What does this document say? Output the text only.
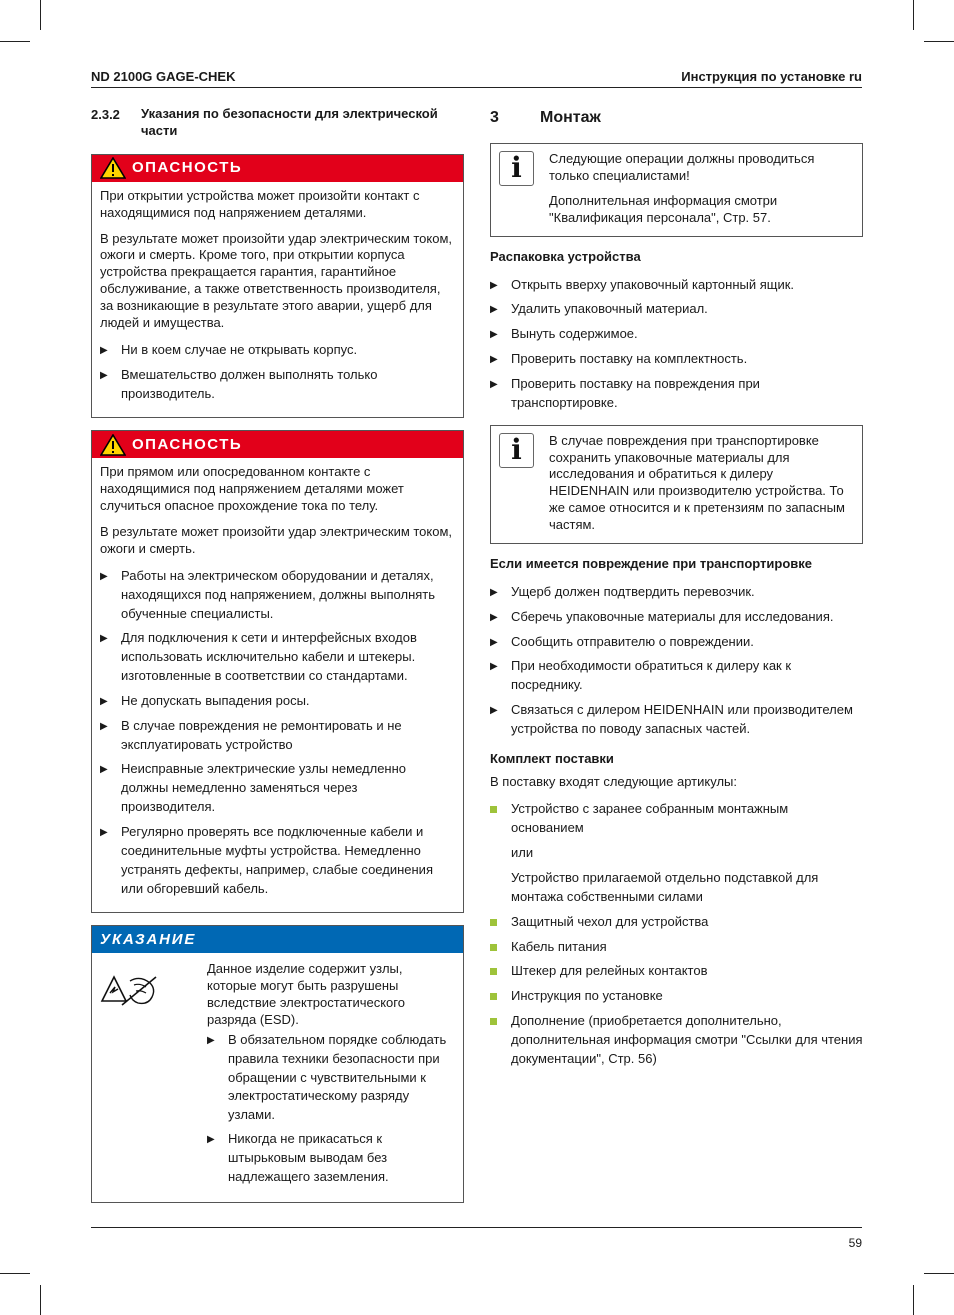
ND 2100G GAGE-CHEK	Инструкция по установке ru
2.3.2	Указания по безопасности для электрической части
ОПАСНОСТЬ

При открытии устройства может произойти контакт с находящимися под напряжением деталями.

В результате может произойти удар электрическим током, ожоги и смерть. Кроме того, при открытии корпуса устройства прекращается гарантия, гарантийное обслуживание, а также ответственность производителя, за возникающие в результате этого аварии, ущерб для людей и имущества.

▶	Ни в коем случае не открывать корпус.
▶	Вмешательство должен выполнять только производитель.
ОПАСНОСТЬ

При прямом или опосредованном контакте с находящимися под напряжением деталями может случиться опасное прохождение тока по телу.

В результате может произойти удар электрическим током, ожоги и смерть.

▶	Работы на электрическом оборудовании и деталях, находящихся под напряжением, должны выполнять обученные специалисты.
▶	Для подключения к сети и интерфейсных входов использовать исключительно кабели и штекеры. изготовленные в соответствии со стандартами.
▶	Не допускать выпадения росы.
▶	В случае повреждения не ремонтировать и не эксплуатировать устройство
▶	Неисправные электрические узлы немедленно должны немедленно заменяться через производителя.
▶	Регулярно проверять все подключенные кабели и соединительные муфты устройства. Немедленно устранять дефекты, например, слабые соединения или обгоревший кабель.
УКАЗАНИЕ

Данное изделие содержит узлы, которые могут быть разрушены вследствие электростатического разряда (ESD).

▶	В обязательном порядке соблюдать правила техники безопасности при обращении с чувствительными к электростатическому разряду узлами.
▶	Никогда не прикасаться к штырьковым выводам без надлежащего заземления.
3	Монтаж
i	Следующие операции должны проводиться только специалистами!

Дополнительная информация смотри "Квалификация персонала", Стр. 57.

Распаковка устройства
▶	Открыть вверху упаковочный картонный ящик.
▶	Удалить упаковочный материал.
▶	Вынуть содержимое.
▶	Проверить поставку на комплектность.
▶	Проверить поставку на повреждения при транспортировке.
i	В случае повреждения при транспортировке сохранить упаковочные материалы для исследования и обратиться к дилеру HEIDENHAIN или производителю устройства. То же самое относится и к претензиям по запасным частям.

Если имеется повреждение при транспортировке
▶	Ущерб должен подтвердить перевозчик.
▶	Сберечь упаковочные материалы для исследования.
▶	Сообщить отправителю о повреждении.
▶	При необходимости обратиться к дилеру как к посреднику.
▶	Связаться с дилером HEIDENHAIN или производителем устройства по поводу запасных частей.
Комплект поставки
В поставку входят следующие артикулы:
Устройство с заранее собранным монтажным основанием
или
Устройство прилагаемой отдельно подставкой для монтажа собственными силами
Защитный чехол для устройства
Кабель питания
Штекер для релейных контактов
Инструкция по установке
Дополнение (приобретается дополнительно, дополнительная информация смотри "Ссылки для чтения документации", Стр. 56)
59
